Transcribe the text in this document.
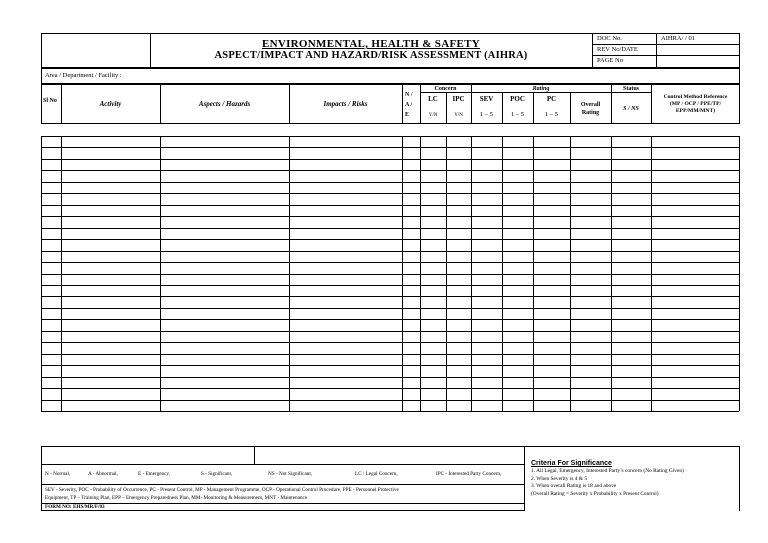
ENVIRONMENTAL, HEALTH & SAFETY
ASPECT/IMPACT AND HAZARD/RISK ASSESSMENT (AIHRA)
DOC No.	AIHRA/ / 01
REV No/DATE
PAGE No
Area / Department / Facility :
Sl No	Activity	Aspects / Hazards	Impacts / Risks
N / A / E
Concern
LC	IPC
Y/N	Y/N
Rating
SEV	POC	PC
1 – 5	1 – 5	1 – 5
Overall Rating
Status
S / NS
Control Method Reference
(MP / OCP / PPE/TP/
EPP/MM/MNT)
N - Normal,	A - Abnormal,	E - Emergency,	S - Significant,	NS - Not Significant,	LC : Legal Concern,	IPC - Interested Party Concern,
SEV - Severity, POC - Probability of Occurrence, PC - Present Control, MP - Management Programme, OCP - Operational Control Procedure, PPE - Personnel Protective
Equipment, TP – Training Plan, EPP – Emergency Preparedness Plan, MM- Monitoring & Measurement, MNT - Maintenance
FORM NO: EHS/MR/F/03
Criteria For Significance
1. All Legal, Emergency, Interested Party’s concern (No Rating Given)
2. When Severity is 4 & 5
3. When overall Rating is 18 and above
(Overall Rating = Severity x Probability x Present Control)
